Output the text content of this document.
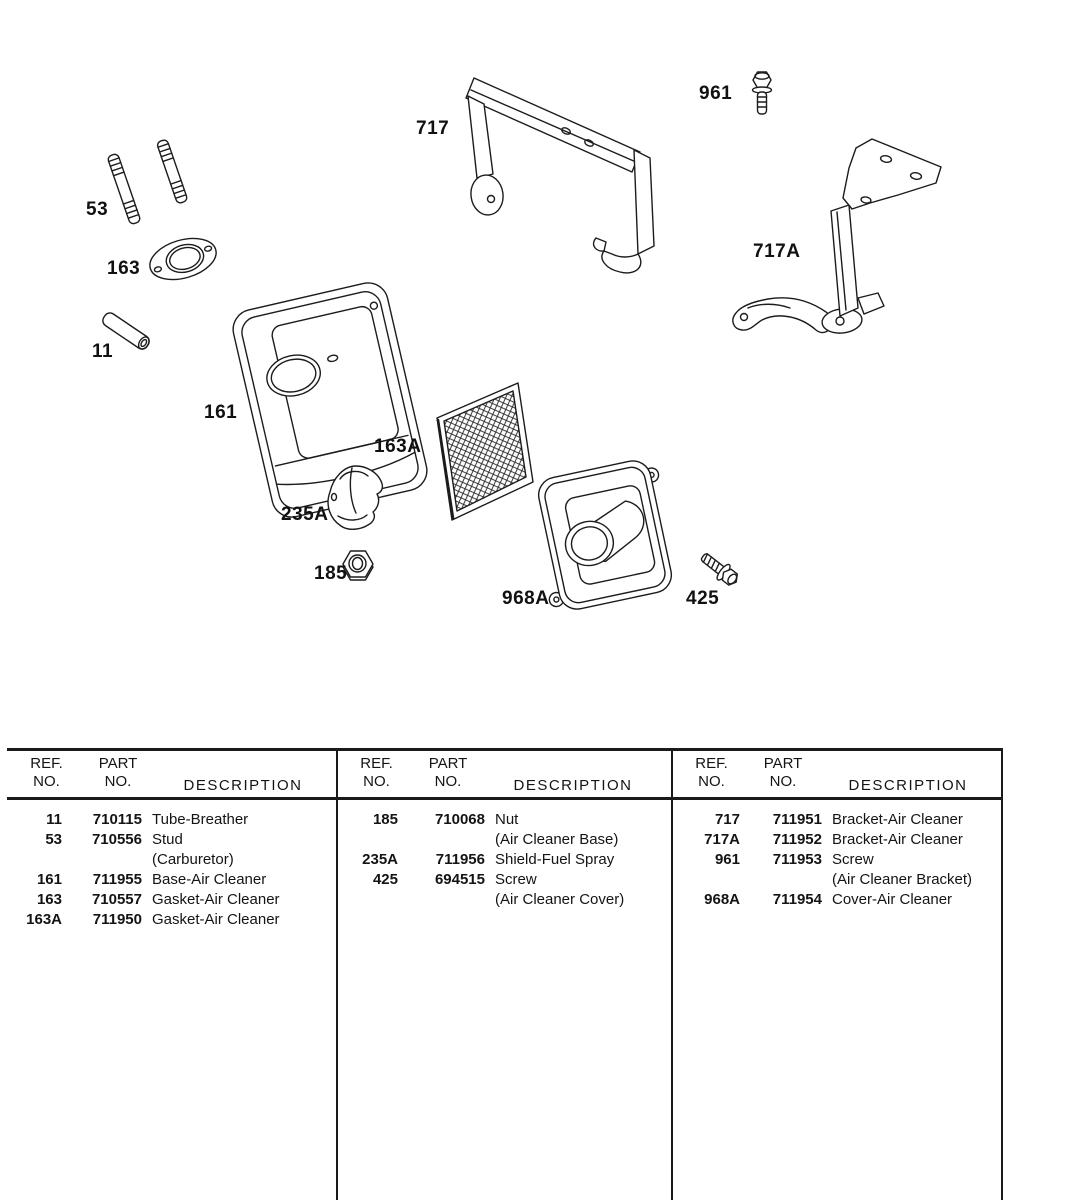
53
163
11
161
717
961
717A
163A
235A
185
968A	425
REF.
NO.
PART
NO.	DESCRIPTION
11	710115 Tube-Breather
53	710556 Stud
(Carburetor)
161	711955 Base-Air Cleaner
163	710557 Gasket-Air Cleaner
163A	711950 Gasket-Air Cleaner
REF.
NO.
PART
NO.	DESCRIPTION
185	710068 Nut
(Air Cleaner Base)
235A	711956 Shield-Fuel Spray
425	694515 Screw
(Air Cleaner Cover)
REF.
NO.
PART
NO.	DESCRIPTION
717	711951 Bracket-Air Cleaner
717A	711952 Bracket-Air Cleaner
961	711953 Screw
(Air Cleaner Bracket)
968A	711954 Cover-Air Cleaner
